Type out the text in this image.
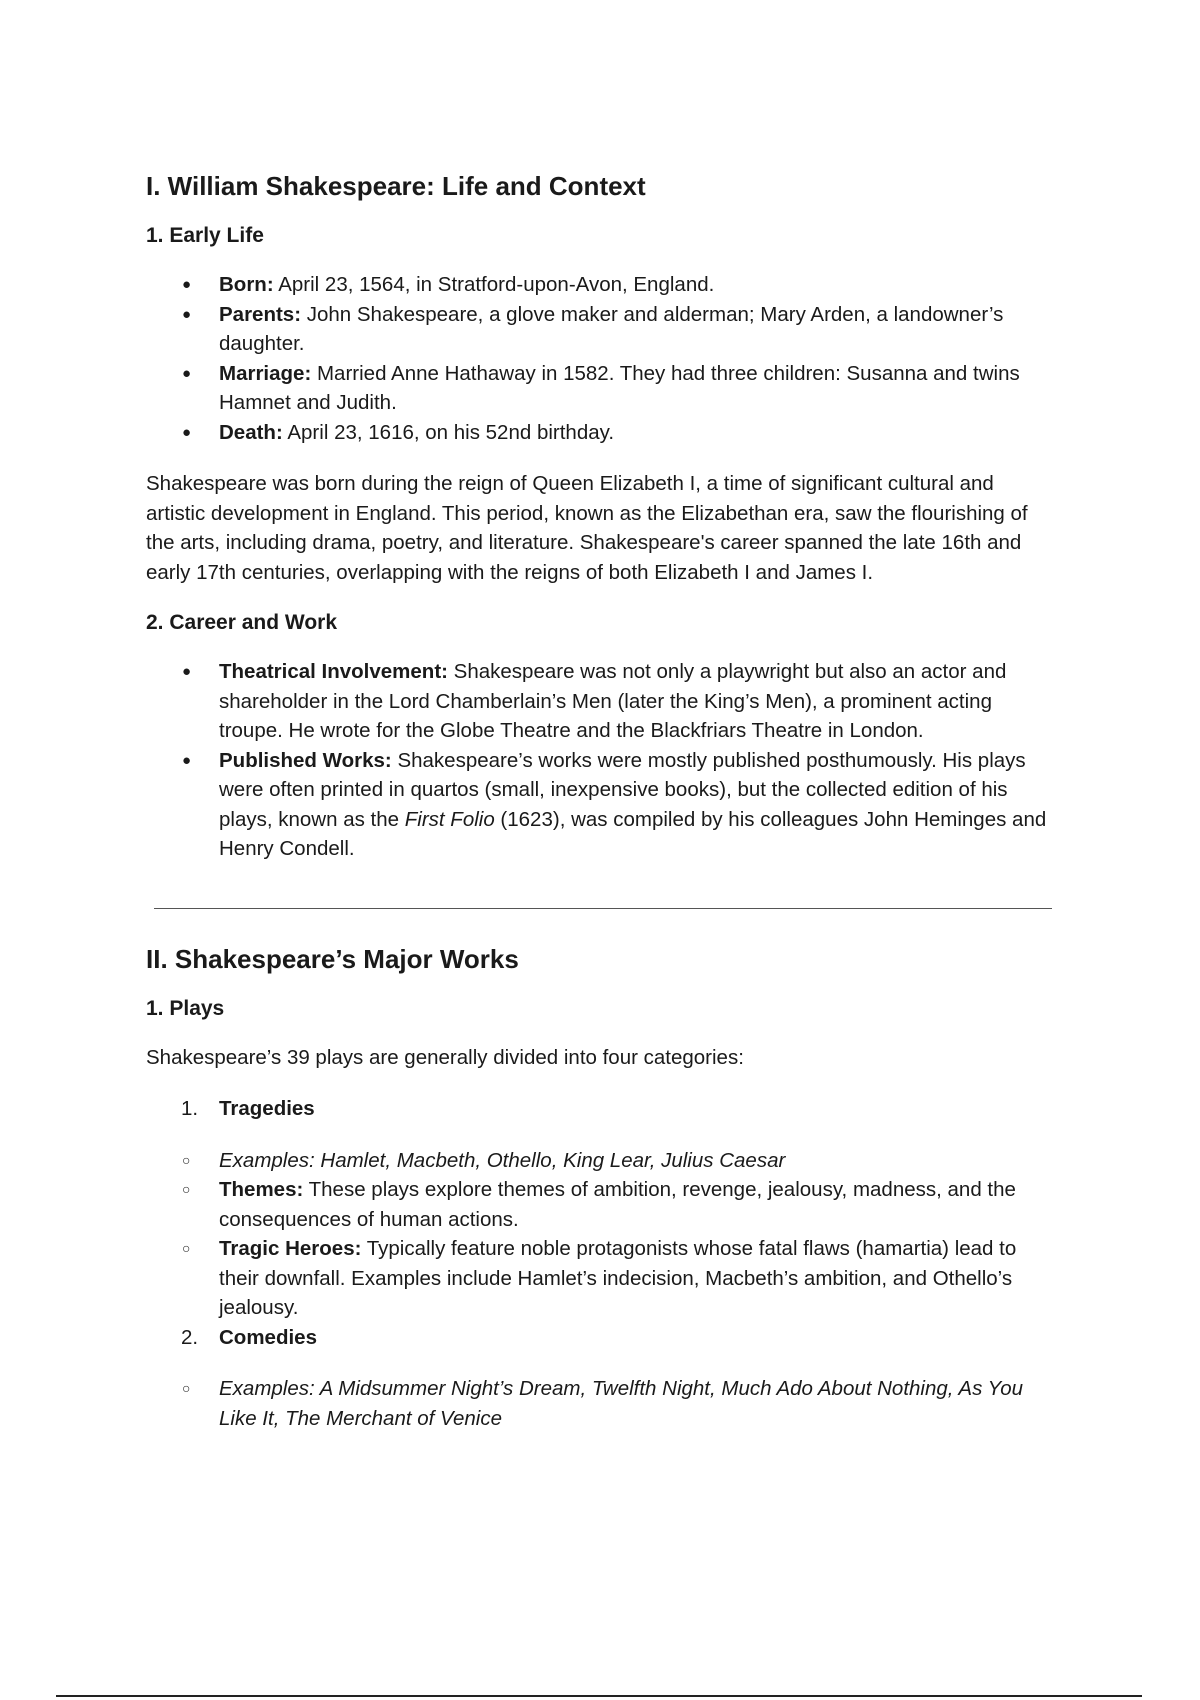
I. William Shakespeare: Life and Context
1. Early Life
● Born: April 23, 1564, in Stratford-upon-Avon, England.
● Parents: John Shakespeare, a glove maker and alderman; Mary Arden, a landowner’s daughter.
● Marriage: Married Anne Hathaway in 1582. They had three children: Susanna and twins Hamnet and Judith.
● Death: April 23, 1616, on his 52nd birthday.

Shakespeare was born during the reign of Queen Elizabeth I, a time of significant cultural and artistic development in England. This period, known as the Elizabethan era, saw the flourishing of the arts, including drama, poetry, and literature. Shakespeare's career spanned the late 16th and early 17th centuries, overlapping with the reigns of both Elizabeth I and James I.

2. Career and Work
● Theatrical Involvement: Shakespeare was not only a playwright but also an actor and shareholder in the Lord Chamberlain’s Men (later the King’s Men), a prominent acting troupe. He wrote for the Globe Theatre and the Blackfriars Theatre in London.
● Published Works: Shakespeare’s works were mostly published posthumously. His plays were often printed in quartos (small, inexpensive books), but the collected edition of his plays, known as the First Folio (1623), was compiled by his colleagues John Heminges and Henry Condell.
II. Shakespeare’s Major Works
1. Plays

Shakespeare’s 39 plays are generally divided into four categories:

1. Tragedies
○ Examples: Hamlet, Macbeth, Othello, King Lear, Julius Caesar
○ Themes: These plays explore themes of ambition, revenge, jealousy, madness, and the consequences of human actions.
○ Tragic Heroes: Typically feature noble protagonists whose fatal flaws (hamartia) lead to their downfall. Examples include Hamlet’s indecision, Macbeth’s ambition, and Othello’s jealousy.
2. Comedies
○ Examples: A Midsummer Night’s Dream, Twelfth Night, Much Ado About Nothing, As You Like It, The Merchant of Venice
